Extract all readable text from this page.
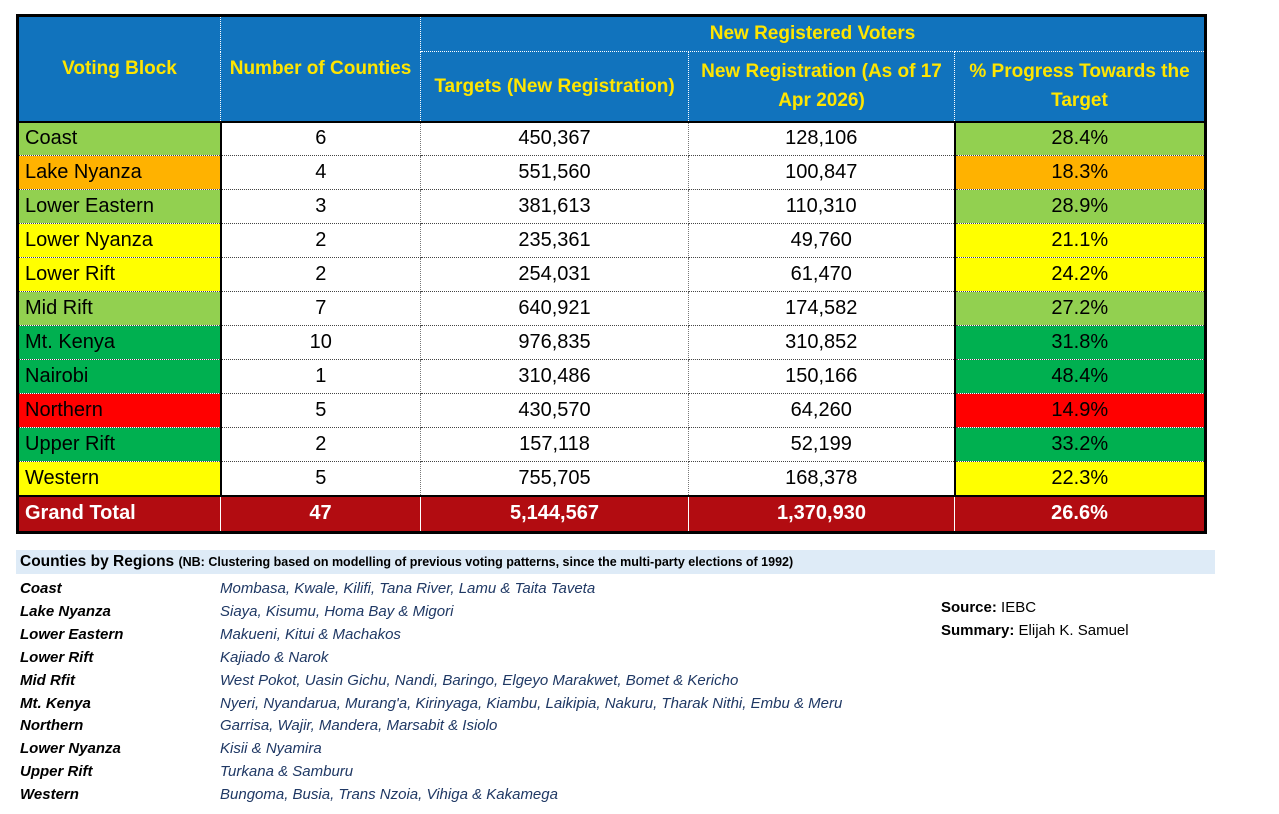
Voting Block	Number of Counties	New Registered Voters		
		Targets (New Registration)	New Registration (As of 17 Apr 2026)	% Progress Towards the Target
Coast	6	450,367	128,106	28.4%
Lake Nyanza	4	551,560	100,847	18.3%
Lower Eastern	3	381,613	110,310	28.9%
Lower Nyanza	2	235,361	49,760	21.1%
Lower Rift	2	254,031	61,470	24.2%
Mid Rift	7	640,921	174,582	27.2%
Mt. Kenya	10	976,835	310,852	31.8%
Nairobi	1	310,486	150,166	48.4%
Northern	5	430,570	64,260	14.9%
Upper Rift	2	157,118	52,199	33.2%
Western	5	755,705	168,378	22.3%
Grand Total	47	5,144,567	1,370,930	26.6%
Counties by Regions (NB: Clustering based on modelling of previous voting patterns, since the multi-party elections of 1992)
Coast	Mombasa, Kwale, Kilifi, Tana River, Lamu & Taita Taveta
Lake Nyanza	Siaya, Kisumu, Homa Bay & Migori
Lower Eastern	Makueni, Kitui & Machakos
Lower Rift	Kajiado & Narok
Mid Rfit	West Pokot, Uasin Gichu, Nandi, Baringo, Elgeyo Marakwet, Bomet & Kericho
Mt. Kenya	Nyeri, Nyandarua, Murang'a, Kirinyaga, Kiambu, Laikipia, Nakuru, Tharak Nithi, Embu & Meru
Northern	Garrisa, Wajir, Mandera, Marsabit & Isiolo
Lower Nyanza	Kisii & Nyamira
Upper Rift	Turkana & Samburu
Western	Bungoma, Busia, Trans Nzoia, Vihiga & Kakamega
Source: IEBC
Summary: Elijah K. Samuel
